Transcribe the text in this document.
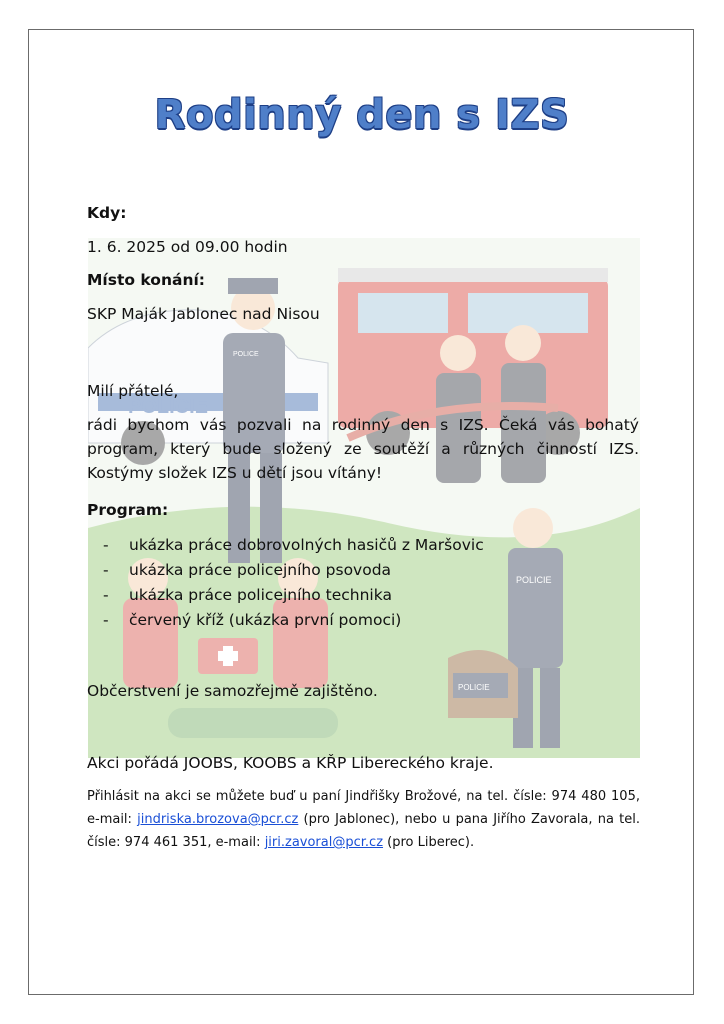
POLICIE
POLICE
POLICIE
POLICIE
Rodinný den s IZS
Kdy:
1. 6. 2025 od 09.00 hodin
Místo konání:
SKP Maják Jablonec nad Nisou
Milí přátelé,
rádi bychom vás pozvali na rodinný den s IZS. Čeká vás bohatý program, který bude složený ze soutěží a různých činností IZS. Kostýmy složek IZS u dětí jsou vítány!
Program:
- ukázka práce dobrovolných hasičů z Maršovic
- ukázka práce policejního psovoda
- ukázka práce policejního technika
- červený kříž (ukázka první pomoci)
Občerstvení je samozřejmě zajištěno.
Akci pořádá JOOBS, KOOBS a KŘP Libereckého kraje.
Přihlásit na akci se můžete buď u paní Jindřišky Brožové, na tel. čísle: 974 480 105, e-mail: jindriska.brozova@pcr.cz (pro Jablonec), nebo u pana Jiřího Zavorala, na tel. čísle: 974 461 351, e-mail: jiri.zavoral@pcr.cz (pro Liberec).
